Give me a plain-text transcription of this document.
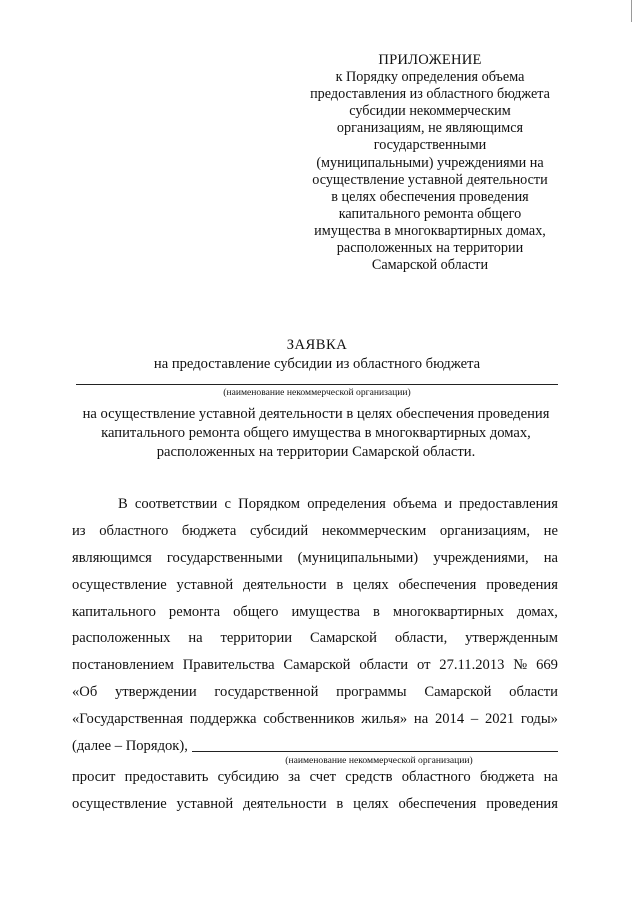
ПРИЛОЖЕНИЕ
к Порядку определения объема
предоставления из областного бюджета
субсидии некоммерческим
организациям, не являющимся
государственными
(муниципальными) учреждениями на
осуществление уставной деятельности
в целях обеспечения проведения
капитального ремонта общего
имущества в многоквартирных домах,
расположенных на территории
Самарской области
ЗАЯВКА
на предоставление субсидии из областного бюджета
(наименование некоммерческой организации)
на осуществление уставной деятельности в целях обеспечения проведения
капитального ремонта общего имущества в многоквартирных домах,
расположенных на территории Самарской области.
В соответствии с Порядком определения объема и предоставления
из областного бюджета субсидий некоммерческим организациям, не
являющимся государственными (муниципальными) учреждениями, на
осуществление уставной деятельности в целях обеспечения проведения
капитального ремонта общего имущества в многоквартирных домах,
расположенных на территории Самарской области, утвержденным
постановлением Правительства Самарской области от 27.11.2013 № 669
«Об утверждении государственной программы Самарской области
«Государственная поддержка собственников жилья» на 2014 – 2021 годы»
(далее – Порядок),
(наименование некоммерческой организации)
просит предоставить субсидию за счет средств областного бюджета на
осуществление уставной деятельности в целях обеспечения проведения
